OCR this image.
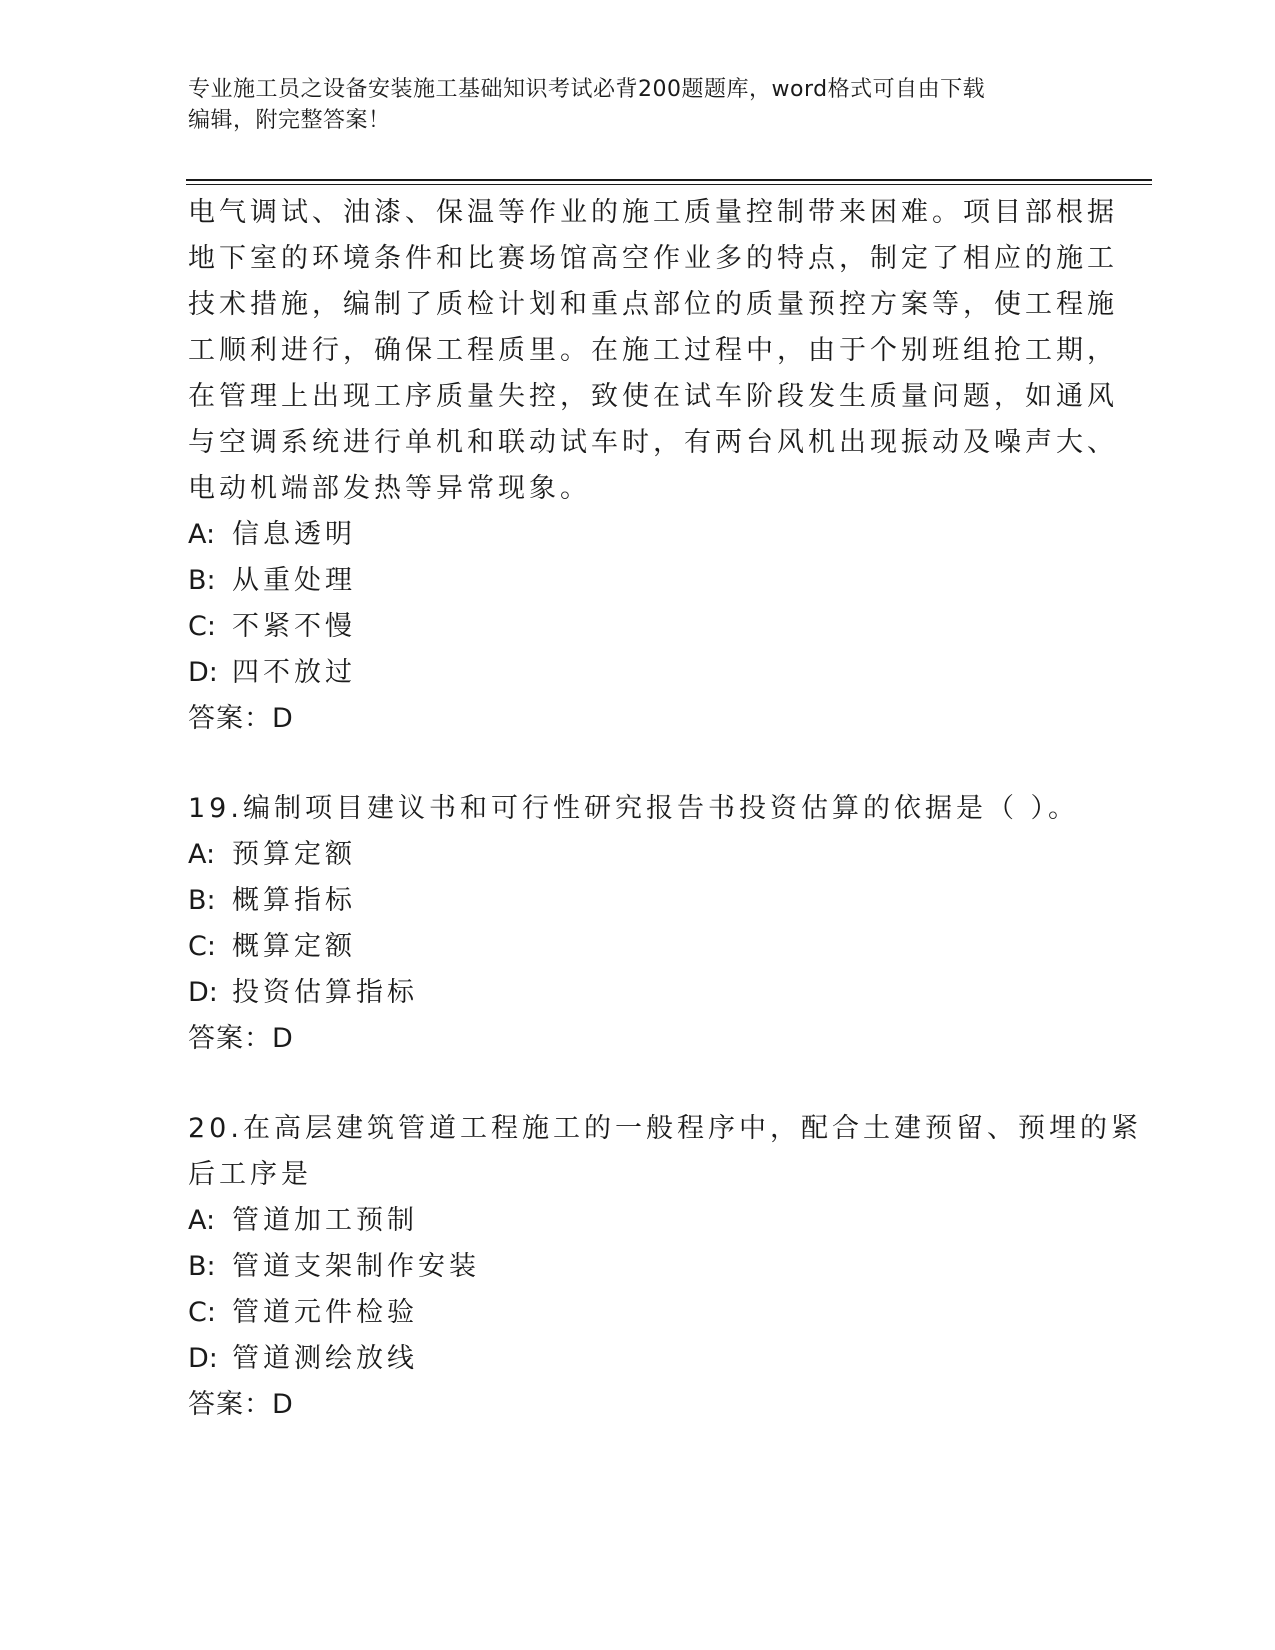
专业施工员之设备安装施工基础知识考试必背200题题库，word格式可自由下载
编辑，附完整答案！
电气调试、油漆、保温等作业的施工质量控制带来困难。项目部根据
地下室的环境条件和比赛场馆高空作业多的特点，制定了相应的施工
技术措施，编制了质检计划和重点部位的质量预控方案等，使工程施
工顺利进行，确保工程质里。在施工过程中，由于个别班组抢工期，
在管理上出现工序质量失控，致使在试车阶段发生质量问题，如通风
与空调系统进行单机和联动试车时，有两台风机出现振动及噪声大、
电动机端部发热等异常现象。
A: 信息透明
B: 从重处理
C: 不紧不慢
D: 四不放过
答案：D
19.编制项目建议书和可行性研究报告书投资估算的依据是（ ）。
A: 预算定额
B: 概算指标
C: 概算定额
D: 投资估算指标
答案：D
20.在高层建筑管道工程施工的一般程序中，配合土建预留、预埋的紧
后工序是
A: 管道加工预制
B: 管道支架制作安装
C: 管道元件检验
D: 管道测绘放线
答案：D
